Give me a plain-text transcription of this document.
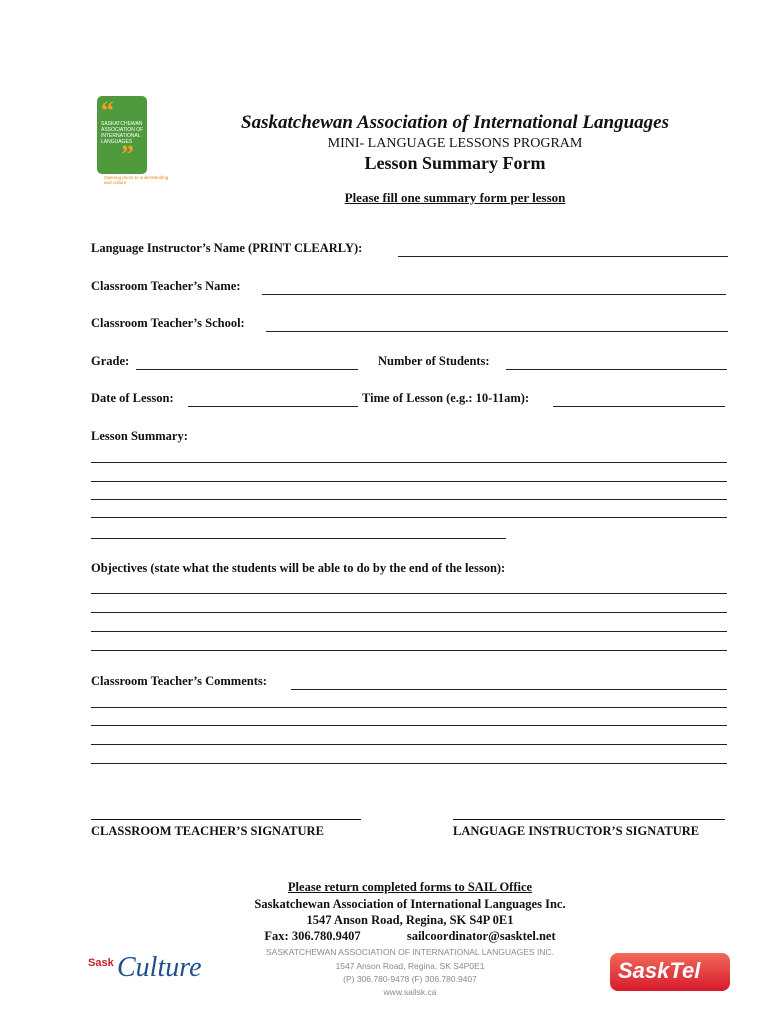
“
SASKATCHEWAN ASSOCIATION OF INTERNATIONAL LANGUAGES
”
Opening doors to understanding and culture
Saskatchewan Association of International Languages
MINI- LANGUAGE LESSONS PROGRAM
Lesson Summary Form
Please fill one summary form per lesson
Language Instructor’s Name (PRINT CLEARLY):
Classroom Teacher’s Name:
Classroom Teacher’s School:
Grade:	Number of Students:
Date of Lesson:	Time of Lesson (e.g.: 10-11am):
Lesson Summary:
Objectives (state what the students will be able to do by the end of the lesson):
Classroom Teacher’s Comments:
CLASSROOM TEACHER’S SIGNATURE	LANGUAGE INSTRUCTOR’S SIGNATURE
Please return completed forms to SAIL Office
Saskatchewan Association of International Languages Inc.
1547 Anson Road, Regina, SK S4P 0E1
Fax: 306.780.9407	sailcoordinator@sasktel.net
SASKATCHEWAN ASSOCIATION OF INTERNATIONAL LANGUAGES INC.
1547 Anson Road, Regina, SK S4P0E1
(P) 306.780-9478 (F) 306.780.9407
www.sailsk.ca
Sask Culture	SaskTel
